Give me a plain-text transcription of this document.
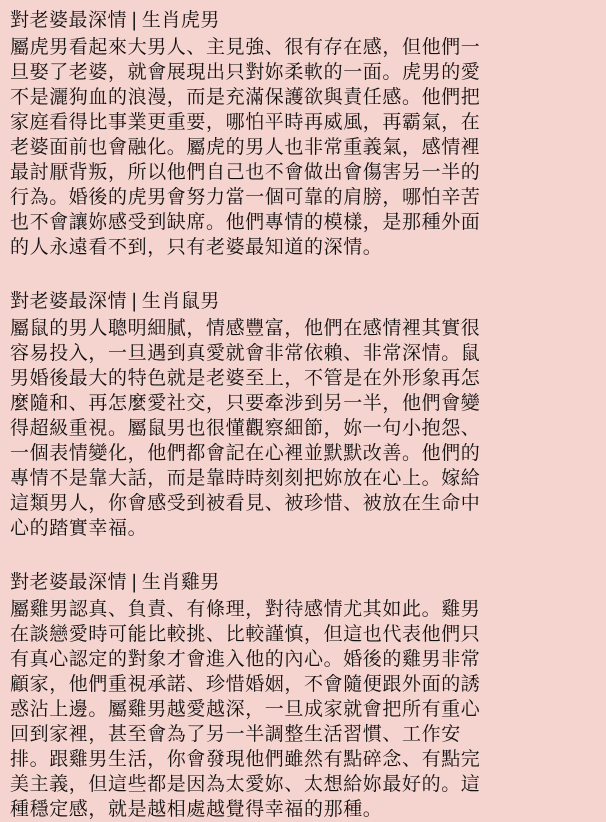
對老婆最深情 | 生肖虎男
屬虎男看起來大男人、主見強、很有存在感，但他們一
旦娶了老婆，就會展現出只對妳柔軟的一面。虎男的愛
不是灑狗血的浪漫，而是充滿保護欲與責任感。他們把
家庭看得比事業更重要，哪怕平時再威風，再霸氣，在
老婆面前也會融化。屬虎的男人也非常重義氣，感情裡
最討厭背叛，所以他們自己也不會做出會傷害另一半的
行為。婚後的虎男會努力當一個可靠的肩膀，哪怕辛苦
也不會讓妳感受到缺席。他們專情的模樣，是那種外面
的人永遠看不到，只有老婆最知道的深情。
對老婆最深情 | 生肖鼠男
屬鼠的男人聰明細膩，情感豐富，他們在感情裡其實很
容易投入，一旦遇到真愛就會非常依賴、非常深情。鼠
男婚後最大的特色就是老婆至上，不管是在外形象再怎
麼隨和、再怎麼愛社交，只要牽涉到另一半，他們會變
得超級重視。屬鼠男也很懂觀察細節，妳一句小抱怨、
一個表情變化，他們都會記在心裡並默默改善。他們的
專情不是靠大話，而是靠時時刻刻把妳放在心上。嫁給
這類男人，你會感受到被看見、被珍惜、被放在生命中
心的踏實幸福。
對老婆最深情 | 生肖雞男
屬雞男認真、負責、有條理，對待感情尤其如此。雞男
在談戀愛時可能比較挑、比較謹慎，但這也代表他們只
有真心認定的對象才會進入他的內心。婚後的雞男非常
顧家，他們重視承諾、珍惜婚姻，不會隨便跟外面的誘
惑沾上邊。屬雞男越愛越深，一旦成家就會把所有重心
回到家裡，甚至會為了另一半調整生活習慣、工作安
排。跟雞男生活，你會發現他們雖然有點碎念、有點完
美主義，但這些都是因為太愛妳、太想給妳最好的。這
種穩定感，就是越相處越覺得幸福的那種。
